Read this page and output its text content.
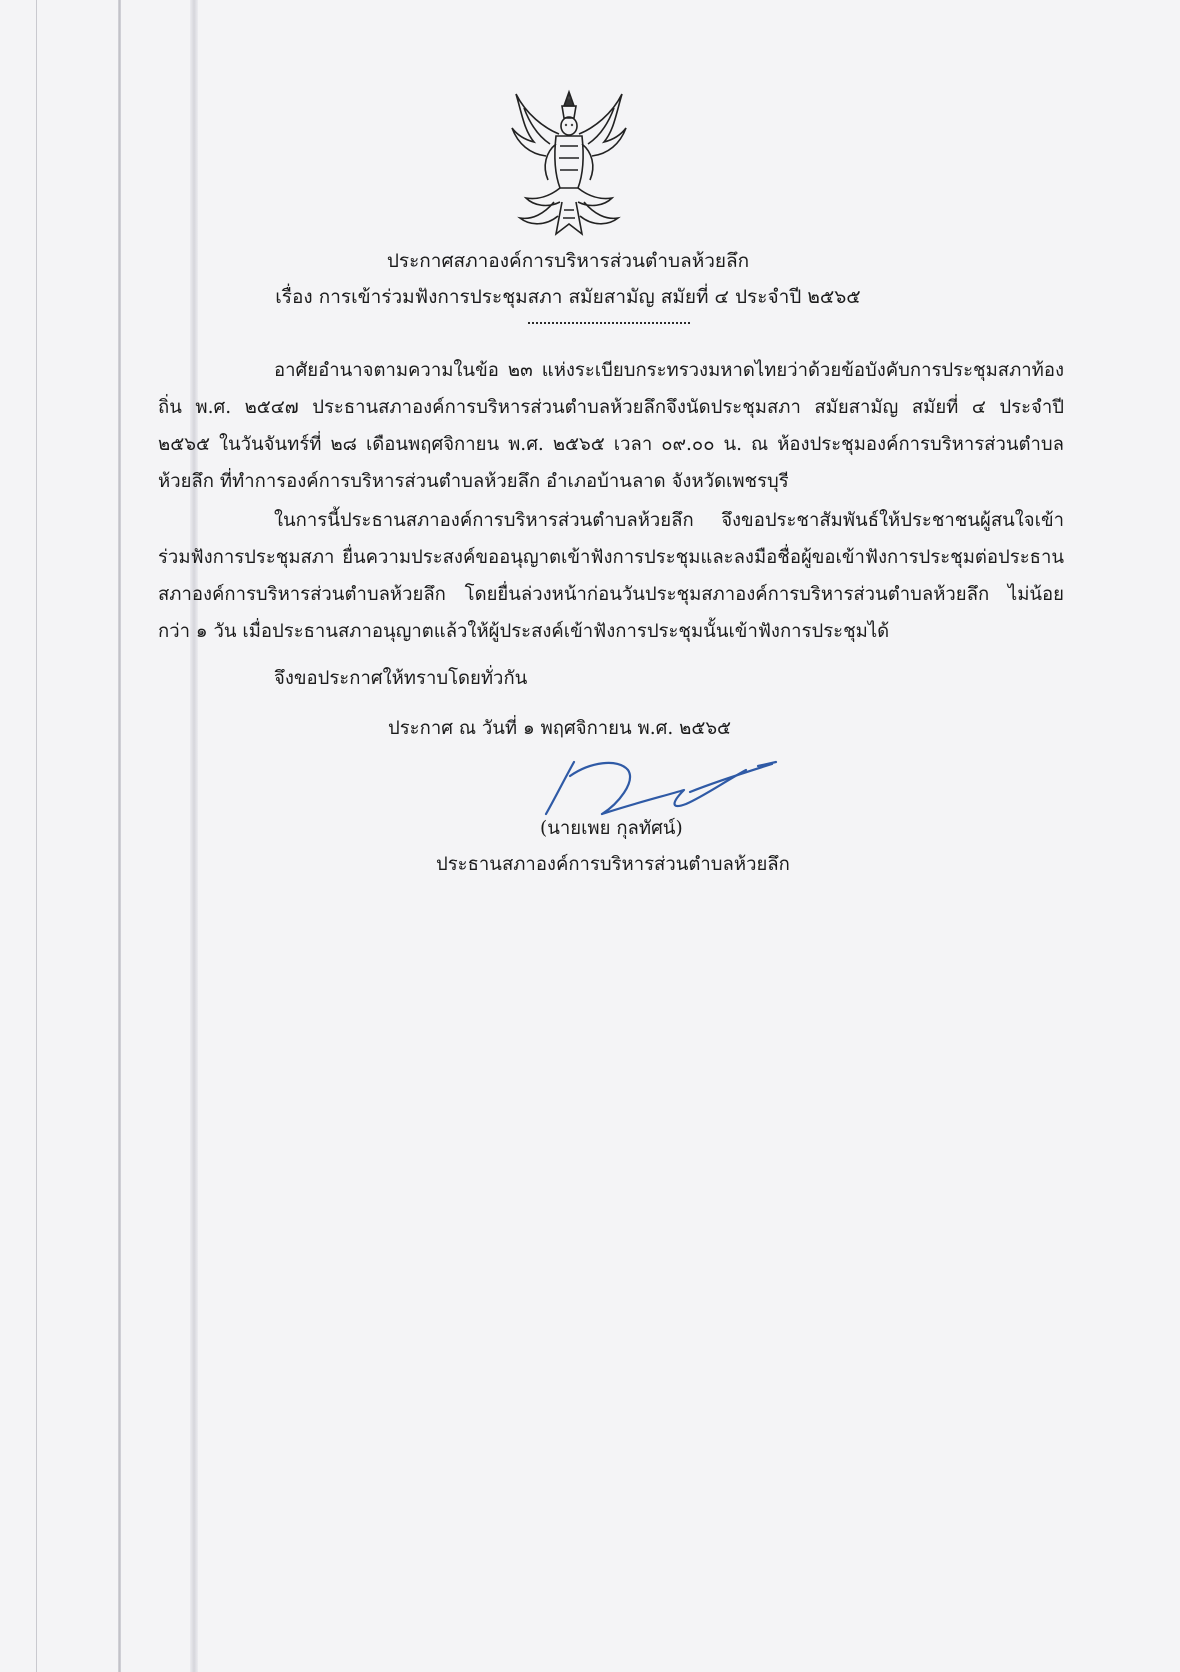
ประกาศสภาองค์การบริหารส่วนตำบลห้วยลึก
เรื่อง การเข้าร่วมฟังการประชุมสภา สมัยสามัญ สมัยที่ ๔ ประจำปี ๒๕๖๕
อาศัยอำนาจตามความในข้อ ๒๓ แห่งระเบียบกระทรวงมหาดไทยว่าด้วยข้อบังคับการประชุมสภาท้องถิ่น พ.ศ. ๒๕๔๗ ประธานสภาองค์การบริหารส่วนตำบลห้วยลึกจึงนัดประชุมสภา สมัยสามัญ สมัยที่ ๔ ประจำปี ๒๕๖๕ ในวันจันทร์ที่ ๒๘ เดือนพฤศจิกายน พ.ศ. ๒๕๖๕ เวลา ๐๙.๐๐ น. ณ ห้องประชุมองค์การบริหารส่วนตำบลห้วยลึก ที่ทำการองค์การบริหารส่วนตำบลห้วยลึก อำเภอบ้านลาด จังหวัดเพชรบุรี
ในการนี้ประธานสภาองค์การบริหารส่วนตำบลห้วยลึก จึงขอประชาสัมพันธ์ให้ประชาชนผู้สนใจเข้าร่วมฟังการประชุมสภา ยื่นความประสงค์ขออนุญาตเข้าฟังการประชุมและลงมือชื่อผู้ขอเข้าฟังการประชุมต่อประธานสภาองค์การบริหารส่วนตำบลห้วยลึก โดยยื่นล่วงหน้าก่อนวันประชุมสภาองค์การบริหารส่วนตำบลห้วยลึก ไม่น้อยกว่า ๑ วัน เมื่อประธานสภาอนุญาตแล้วให้ผู้ประสงค์เข้าฟังการประชุมนั้นเข้าฟังการประชุมได้
จึงขอประกาศให้ทราบโดยทั่วกัน
ประกาศ ณ วันที่ ๑ พฤศจิกายน พ.ศ. ๒๕๖๕
(นายเพย กุลทัศน์)
ประธานสภาองค์การบริหารส่วนตำบลห้วยลึก
